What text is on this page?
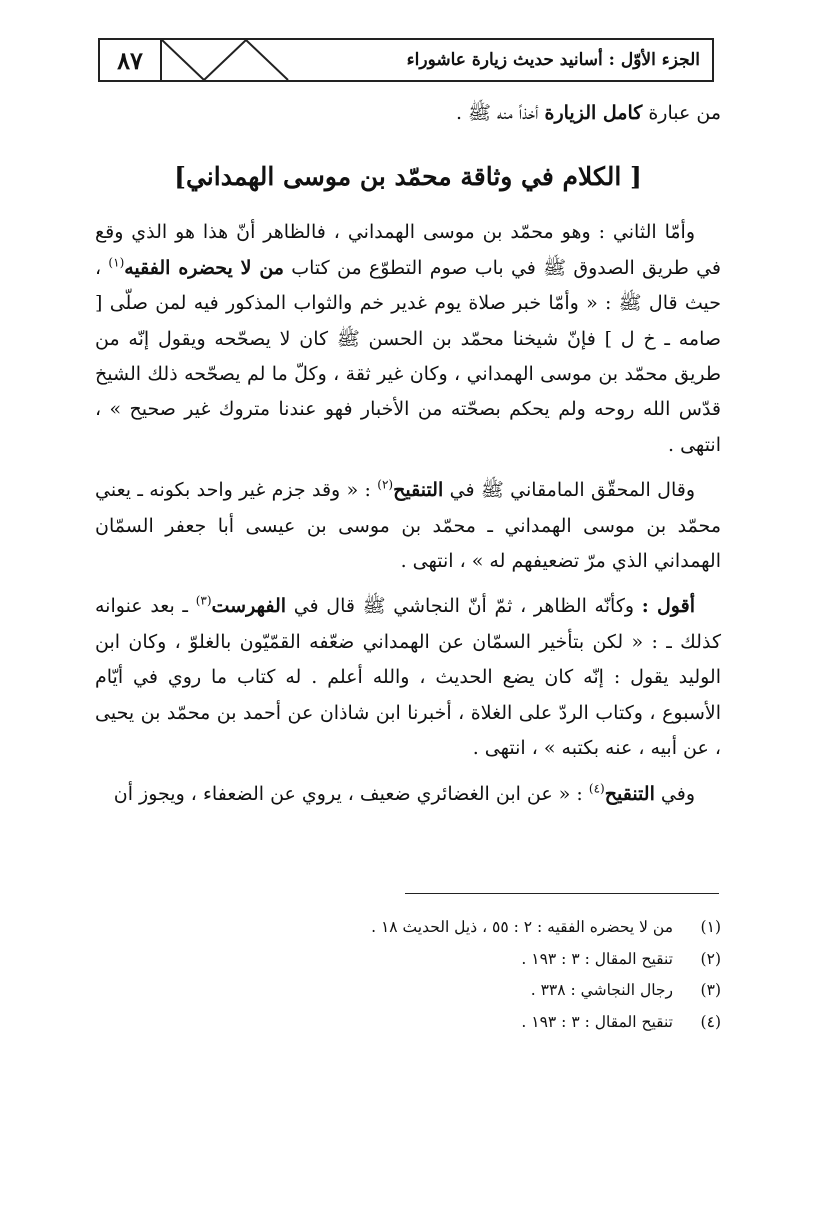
٨٧	الجزء الأوّل : أسانيد حديث زيارة عاشوراء

من عبارة كامل الزيارة أخذاً منه ﷺ .

[ الكلام في وثاقة محمّد بن موسى الهمداني]

وأمّا الثاني : وهو محمّد بن موسى الهمداني ، فالظاهر أنّ هذا هو الذي وقع في طريق الصدوق ﷺ في باب صوم التطوّع من كتاب من لا يحضره الفقيه$^{(١)}$ ، حيث قال ﷺ : « وأمّا خبر صلاة يوم غدير خم والثواب المذكور فيه لمن صلّى [ صامه ـ خ ل ] فإنّ شيخنا محمّد بن الحسن ﷺ كان لا يصحّحه ويقول إنّه من طريق محمّد بن موسى الهمداني ، وكان غير ثقة ، وكلّ ما لم يصحّحه ذلك الشيخ قدّس الله روحه ولم يحكم بصحّته من الأخبار فهو عندنا متروك غير صحيح » ، انتهى .

وقال المحقّق المامقاني ﷺ في التنقيح$^{(٢)}$ : « وقد جزم غير واحد بكونه ـ يعني محمّد بن موسى الهمداني ـ محمّد بن موسى بن عيسى أبا جعفر السمّان الهمداني الذي مرّ تضعيفهم له » ، انتهى .

أقول : وكأنّه الظاهر ، ثمّ أنّ النجاشي ﷺ قال في الفهرست$^{(٣)}$ ـ بعد عنوانه كذلك ـ : « لكن بتأخير السمّان عن الهمداني ضعّفه القمّيّون بالغلوّ ، وكان ابن الوليد يقول : إنّه كان يضع الحديث ، والله أعلم . له كتاب ما روي في أيّام الأسبوع ، وكتاب الردّ على الغلاة ، أخبرنا ابن شاذان عن أحمد بن محمّد بن يحيى ، عن أبيه ، عنه بكتبه » ، انتهى .

وفي التنقيح$^{(٤)}$ : « عن ابن الغضائري ضعيف ، يروي عن الضعفاء ، ويجوز أن

(١)من لا يحضره الفقيه : ٢ : ٥٥ ، ذيل الحديث ١٨ .
(٢)تنقيح المقال : ٣ : ١٩٣ .
(٣)رجال النجاشي : ٣٣٨ .
(٤)تنقيح المقال : ٣ : ١٩٣ .
